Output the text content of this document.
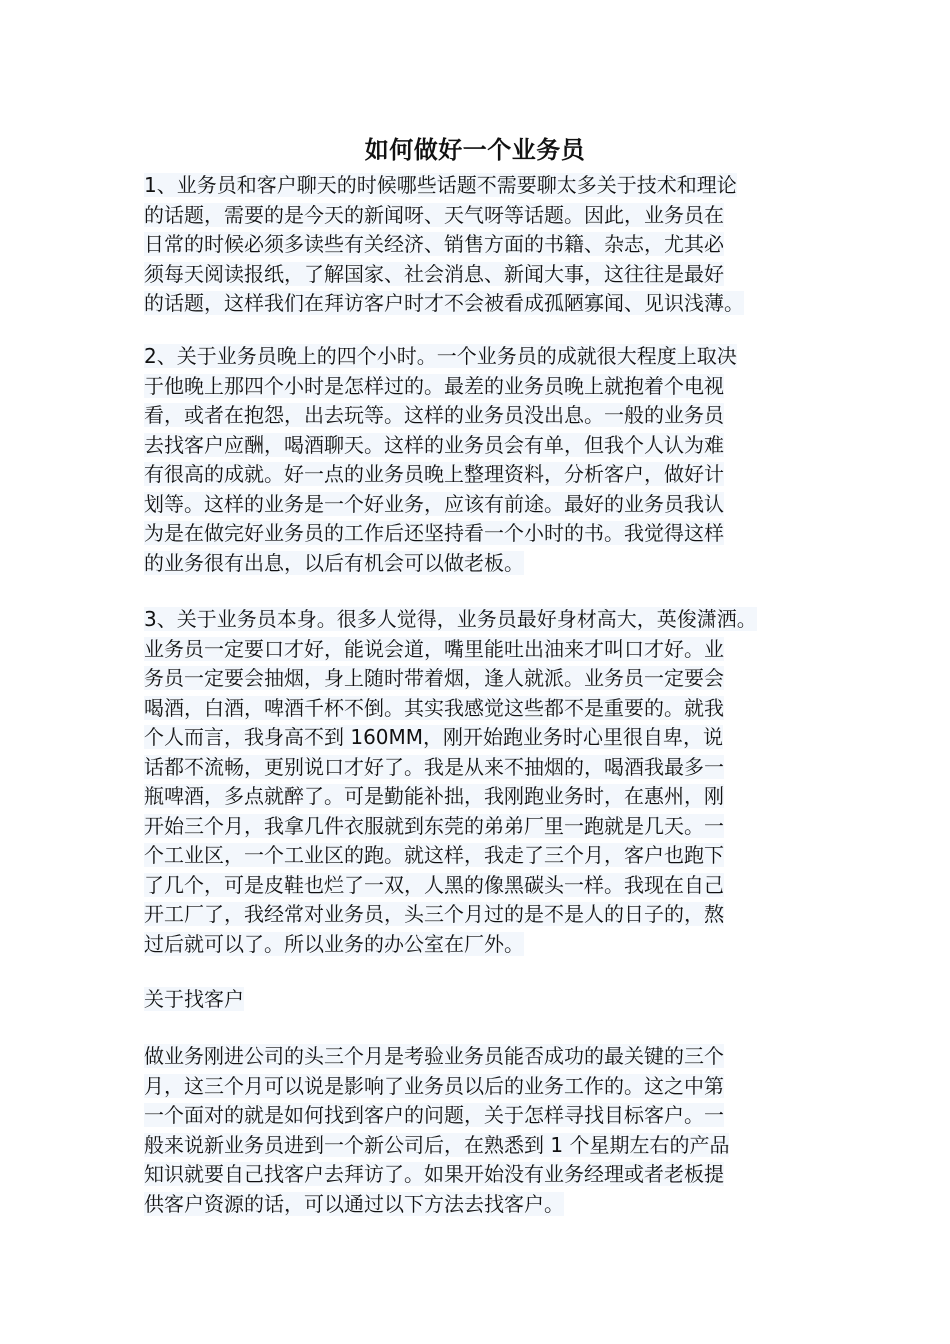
如何做好一个业务员
1、业务员和客户聊天的时候哪些话题不需要聊太多关于技术和理论
的话题，需要的是今天的新闻呀、天气呀等话题。因此，业务员在
日常的时候必须多读些有关经济、销售方面的书籍、杂志，尤其必
须每天阅读报纸，了解国家、社会消息、新闻大事，这往往是最好
的话题，这样我们在拜访客户时才不会被看成孤陋寡闻、见识浅薄。
2、关于业务员晚上的四个小时。一个业务员的成就很大程度上取决
于他晚上那四个小时是怎样过的。最差的业务员晚上就抱着个电视
看，或者在抱怨，出去玩等。这样的业务员没出息。一般的业务员
去找客户应酬，喝酒聊天。这样的业务员会有单，但我个人认为难
有很高的成就。好一点的业务员晚上整理资料，分析客户，做好计
划等。这样的业务是一个好业务，应该有前途。最好的业务员我认
为是在做完好业务员的工作后还坚持看一个小时的书。我觉得这样
的业务很有出息，以后有机会可以做老板。
3、关于业务员本身。很多人觉得，业务员最好身材高大，英俊潇洒。
业务员一定要口才好，能说会道，嘴里能吐出油来才叫口才好。业
务员一定要会抽烟，身上随时带着烟，逢人就派。业务员一定要会
喝酒，白酒，啤酒千杯不倒。其实我感觉这些都不是重要的。就我
个人而言，我身高不到 160MM，刚开始跑业务时心里很自卑，说
话都不流畅，更别说口才好了。我是从来不抽烟的，喝酒我最多一
瓶啤酒，多点就醉了。可是勤能补拙，我刚跑业务时，在惠州，刚
开始三个月，我拿几件衣服就到东莞的弟弟厂里一跑就是几天。一
个工业区，一个工业区的跑。就这样，我走了三个月，客户也跑下
了几个，可是皮鞋也烂了一双，人黑的像黑碳头一样。我现在自己
开工厂了，我经常对业务员，头三个月过的是不是人的日子的，熬
过后就可以了。所以业务的办公室在厂外。
关于找客户
做业务刚进公司的头三个月是考验业务员能否成功的最关键的三个
月，这三个月可以说是影响了业务员以后的业务工作的。这之中第
一个面对的就是如何找到客户的问题，关于怎样寻找目标客户。一
般来说新业务员进到一个新公司后，在熟悉到 1 个星期左右的产品
知识就要自己找客户去拜访了。如果开始没有业务经理或者老板提
供客户资源的话，可以通过以下方法去找客户。
